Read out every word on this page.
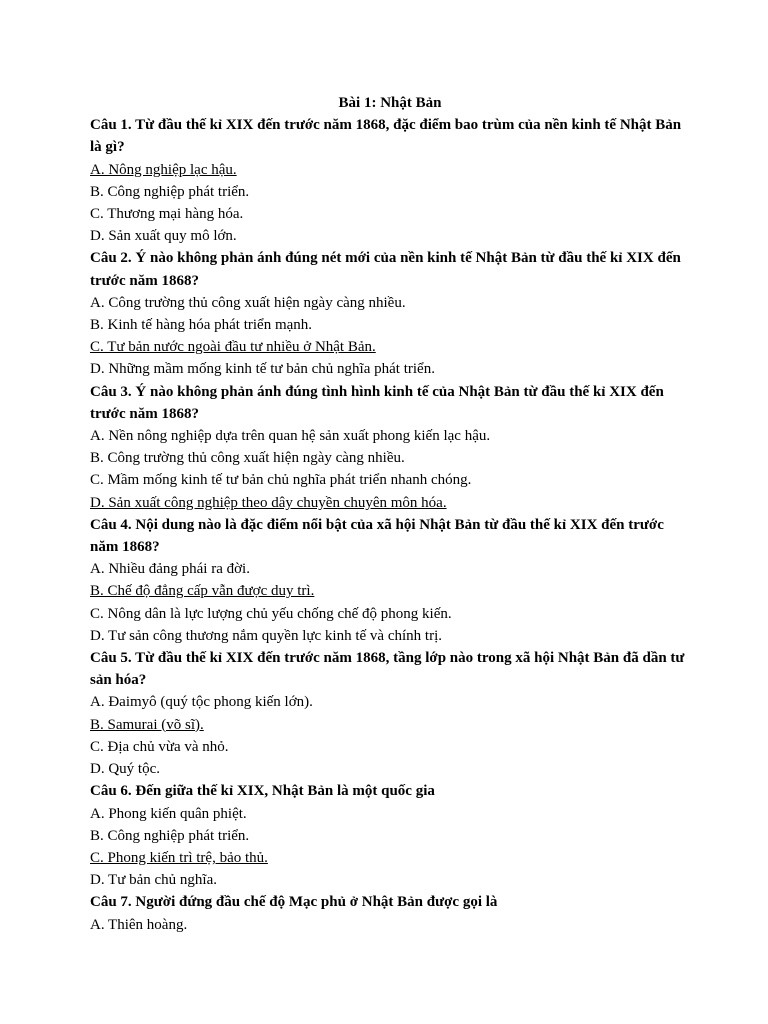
Bài 1: Nhật Bản

Câu 1. Từ đầu thế kỉ XIX đến trước năm 1868, đặc điểm bao trùm của nền kinh tế Nhật Bản là gì?

A. Nông nghiệp lạc hậu.

B. Công nghiệp phát triển.

C. Thương mại hàng hóa.

D. Sản xuất quy mô lớn.

Câu 2. Ý nào không phản ánh đúng nét mới của nền kinh tế Nhật Bản từ đầu thế kỉ XIX đến trước năm 1868?

A. Công trường thủ công xuất hiện ngày càng nhiều.

B. Kinh tế hàng hóa phát triển mạnh.

C. Tư bản nước ngoài đầu tư nhiều ở Nhật Bản.

D. Những mầm mống kinh tế tư bản chủ nghĩa phát triển.

Câu 3. Ý nào không phản ánh đúng tình hình kinh tế của Nhật Bản từ đầu thế kỉ XIX đến trước năm 1868?

A. Nền nông nghiệp dựa trên quan hệ sản xuất phong kiến lạc hậu.

B. Công trường thủ công xuất hiện ngày càng nhiều.

C. Mầm mống kinh tế tư bản chủ nghĩa phát triển nhanh chóng.

D. Sản xuất công nghiệp theo dây chuyền chuyên môn hóa.

Câu 4. Nội dung nào là đặc điểm nổi bật của xã hội Nhật Bản từ đầu thế kỉ XIX đến trước năm 1868?

A. Nhiều đảng phái ra đời.

B. Chế độ đẳng cấp vẫn được duy trì.

C. Nông dân là lực lượng chủ yếu chống chế độ phong kiến.

D. Tư sản công thương nắm quyền lực kinh tế và chính trị.

Câu 5. Từ đầu thế kỉ XIX đến trước năm 1868, tầng lớp nào trong xã hội Nhật Bản đã dần tư sản hóa?

A. Đaimyô (quý tộc phong kiến lớn).

B. Samurai (võ sĩ).

C. Địa chủ vừa và nhỏ.

D. Quý tộc.

Câu 6. Đến giữa thế kỉ XIX, Nhật Bản là một quốc gia

A. Phong kiến quân phiệt.

B. Công nghiệp phát triển.

C. Phong kiến trì trệ, bảo thủ.

D. Tư bản chủ nghĩa.

Câu 7. Người đứng đầu chế độ Mạc phủ ở Nhật Bản được gọi là

A. Thiên hoàng.
